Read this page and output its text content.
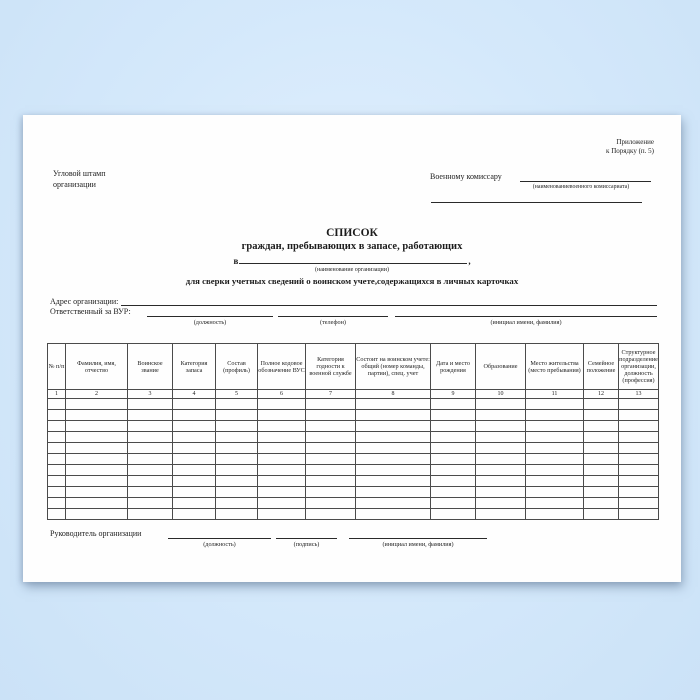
Приложение
к Порядку (п. 5)
Угловой штамп
организации
Военному комиссару
(наименованиевоенного комиссариата)
СПИСОК
граждан, пребывающих в запасе, работающих
в	,
(наименование организации)
для сверки учетных сведений о воинском учете,содержащихся в личных карточках
Адрес организации:
Ответственный за ВУР:
(должность)	(телефон)	(инициал имени, фамилия)
№ п/п	Фамилия, имя, отчество	Воинское звание	Категория запаса	Состав (профиль)	Полное кодовое обозначение ВУС	Категория годности к военной службе	Состоит на воинском учете: общий (номер команды, партии), спец. учет	Дата и место рождения	Образование	Место жительства (место пребывания)	Семейное положение	Структурное подразделение организации, должность (профессия)
1	2	3	4	5	6	7	8	9	10	11	12	13

Руководитель организации
(должность)	(подпись)	(инициал имени, фамилия)
